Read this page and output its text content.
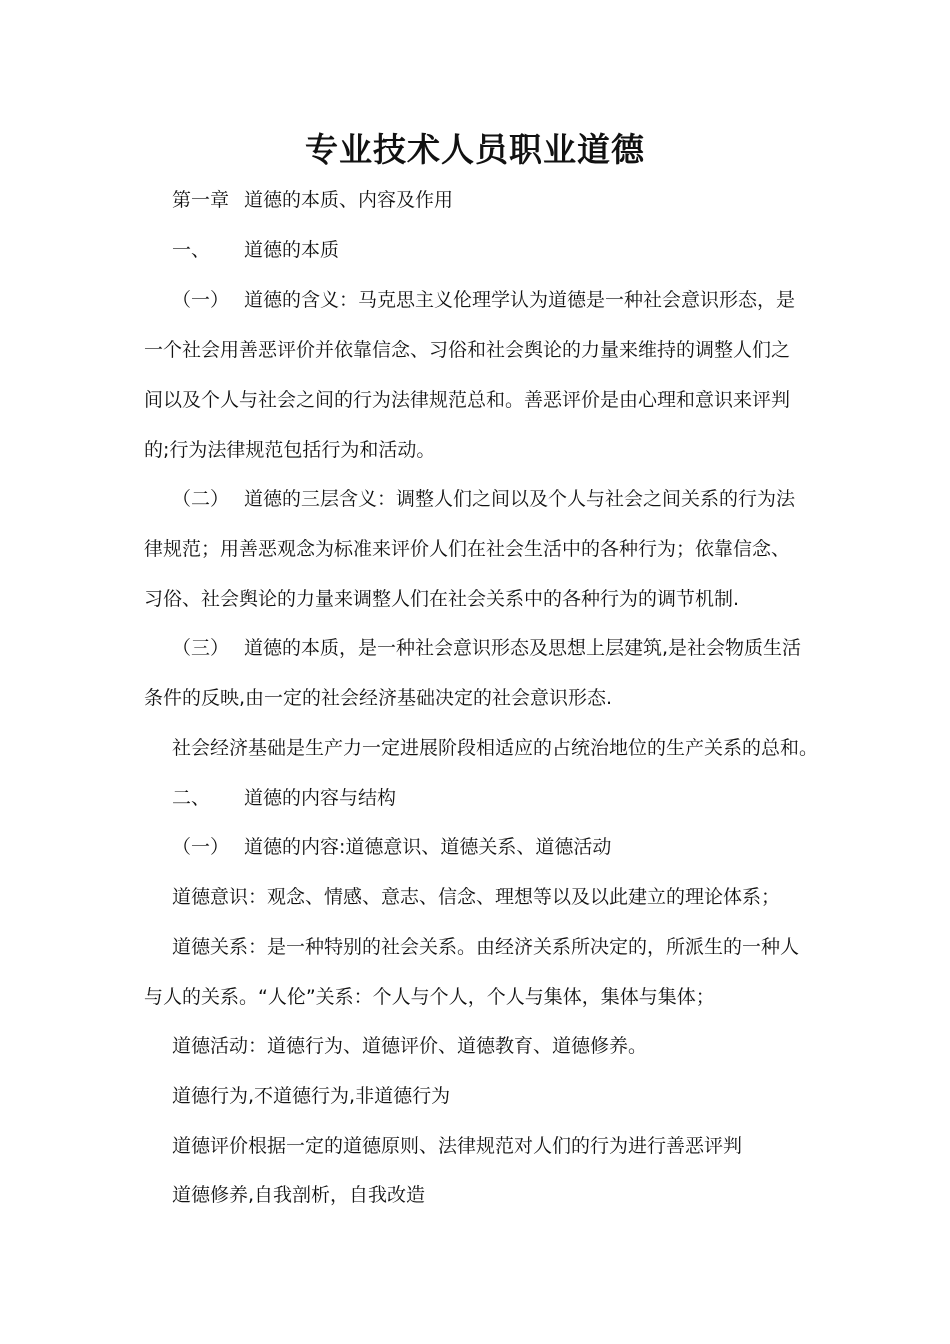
专业技术人员职业道德
第一章 道德的本质、内容及作用
一、 道德的本质
（一） 道德的含义：马克思主义伦理学认为道德是一种社会意识形态，是
一个社会用善恶评价并依靠信念、习俗和社会舆论的力量来维持的调整人们之
间以及个人与社会之间的行为法律规范总和。善恶评价是由心理和意识来评判
的;行为法律规范包括行为和活动。
（二） 道德的三层含义：调整人们之间以及个人与社会之间关系的行为法
律规范；用善恶观念为标准来评价人们在社会生活中的各种行为；依靠信念、
习俗、社会舆论的力量来调整人们在社会关系中的各种行为的调节机制.
（三） 道德的本质，是一种社会意识形态及思想上层建筑,是社会物质生活
条件的反映,由一定的社会经济基础决定的社会意识形态.
社会经济基础是生产力一定进展阶段相适应的占统治地位的生产关系的总和。
二、 道德的内容与结构
（一） 道德的内容:道德意识、道德关系、道德活动
道德意识：观念、情感、意志、信念、理想等以及以此建立的理论体系；
道德关系：是一种特别的社会关系。由经济关系所决定的，所派生的一种人
与人的关系。“人伦”关系：个人与个人，个人与集体，集体与集体；
道德活动：道德行为、道德评价、道德教育、道德修养。
道德行为,不道德行为,非道德行为
道德评价根据一定的道德原则、法律规范对人们的行为进行善恶评判
道德修养,自我剖析，自我改造
